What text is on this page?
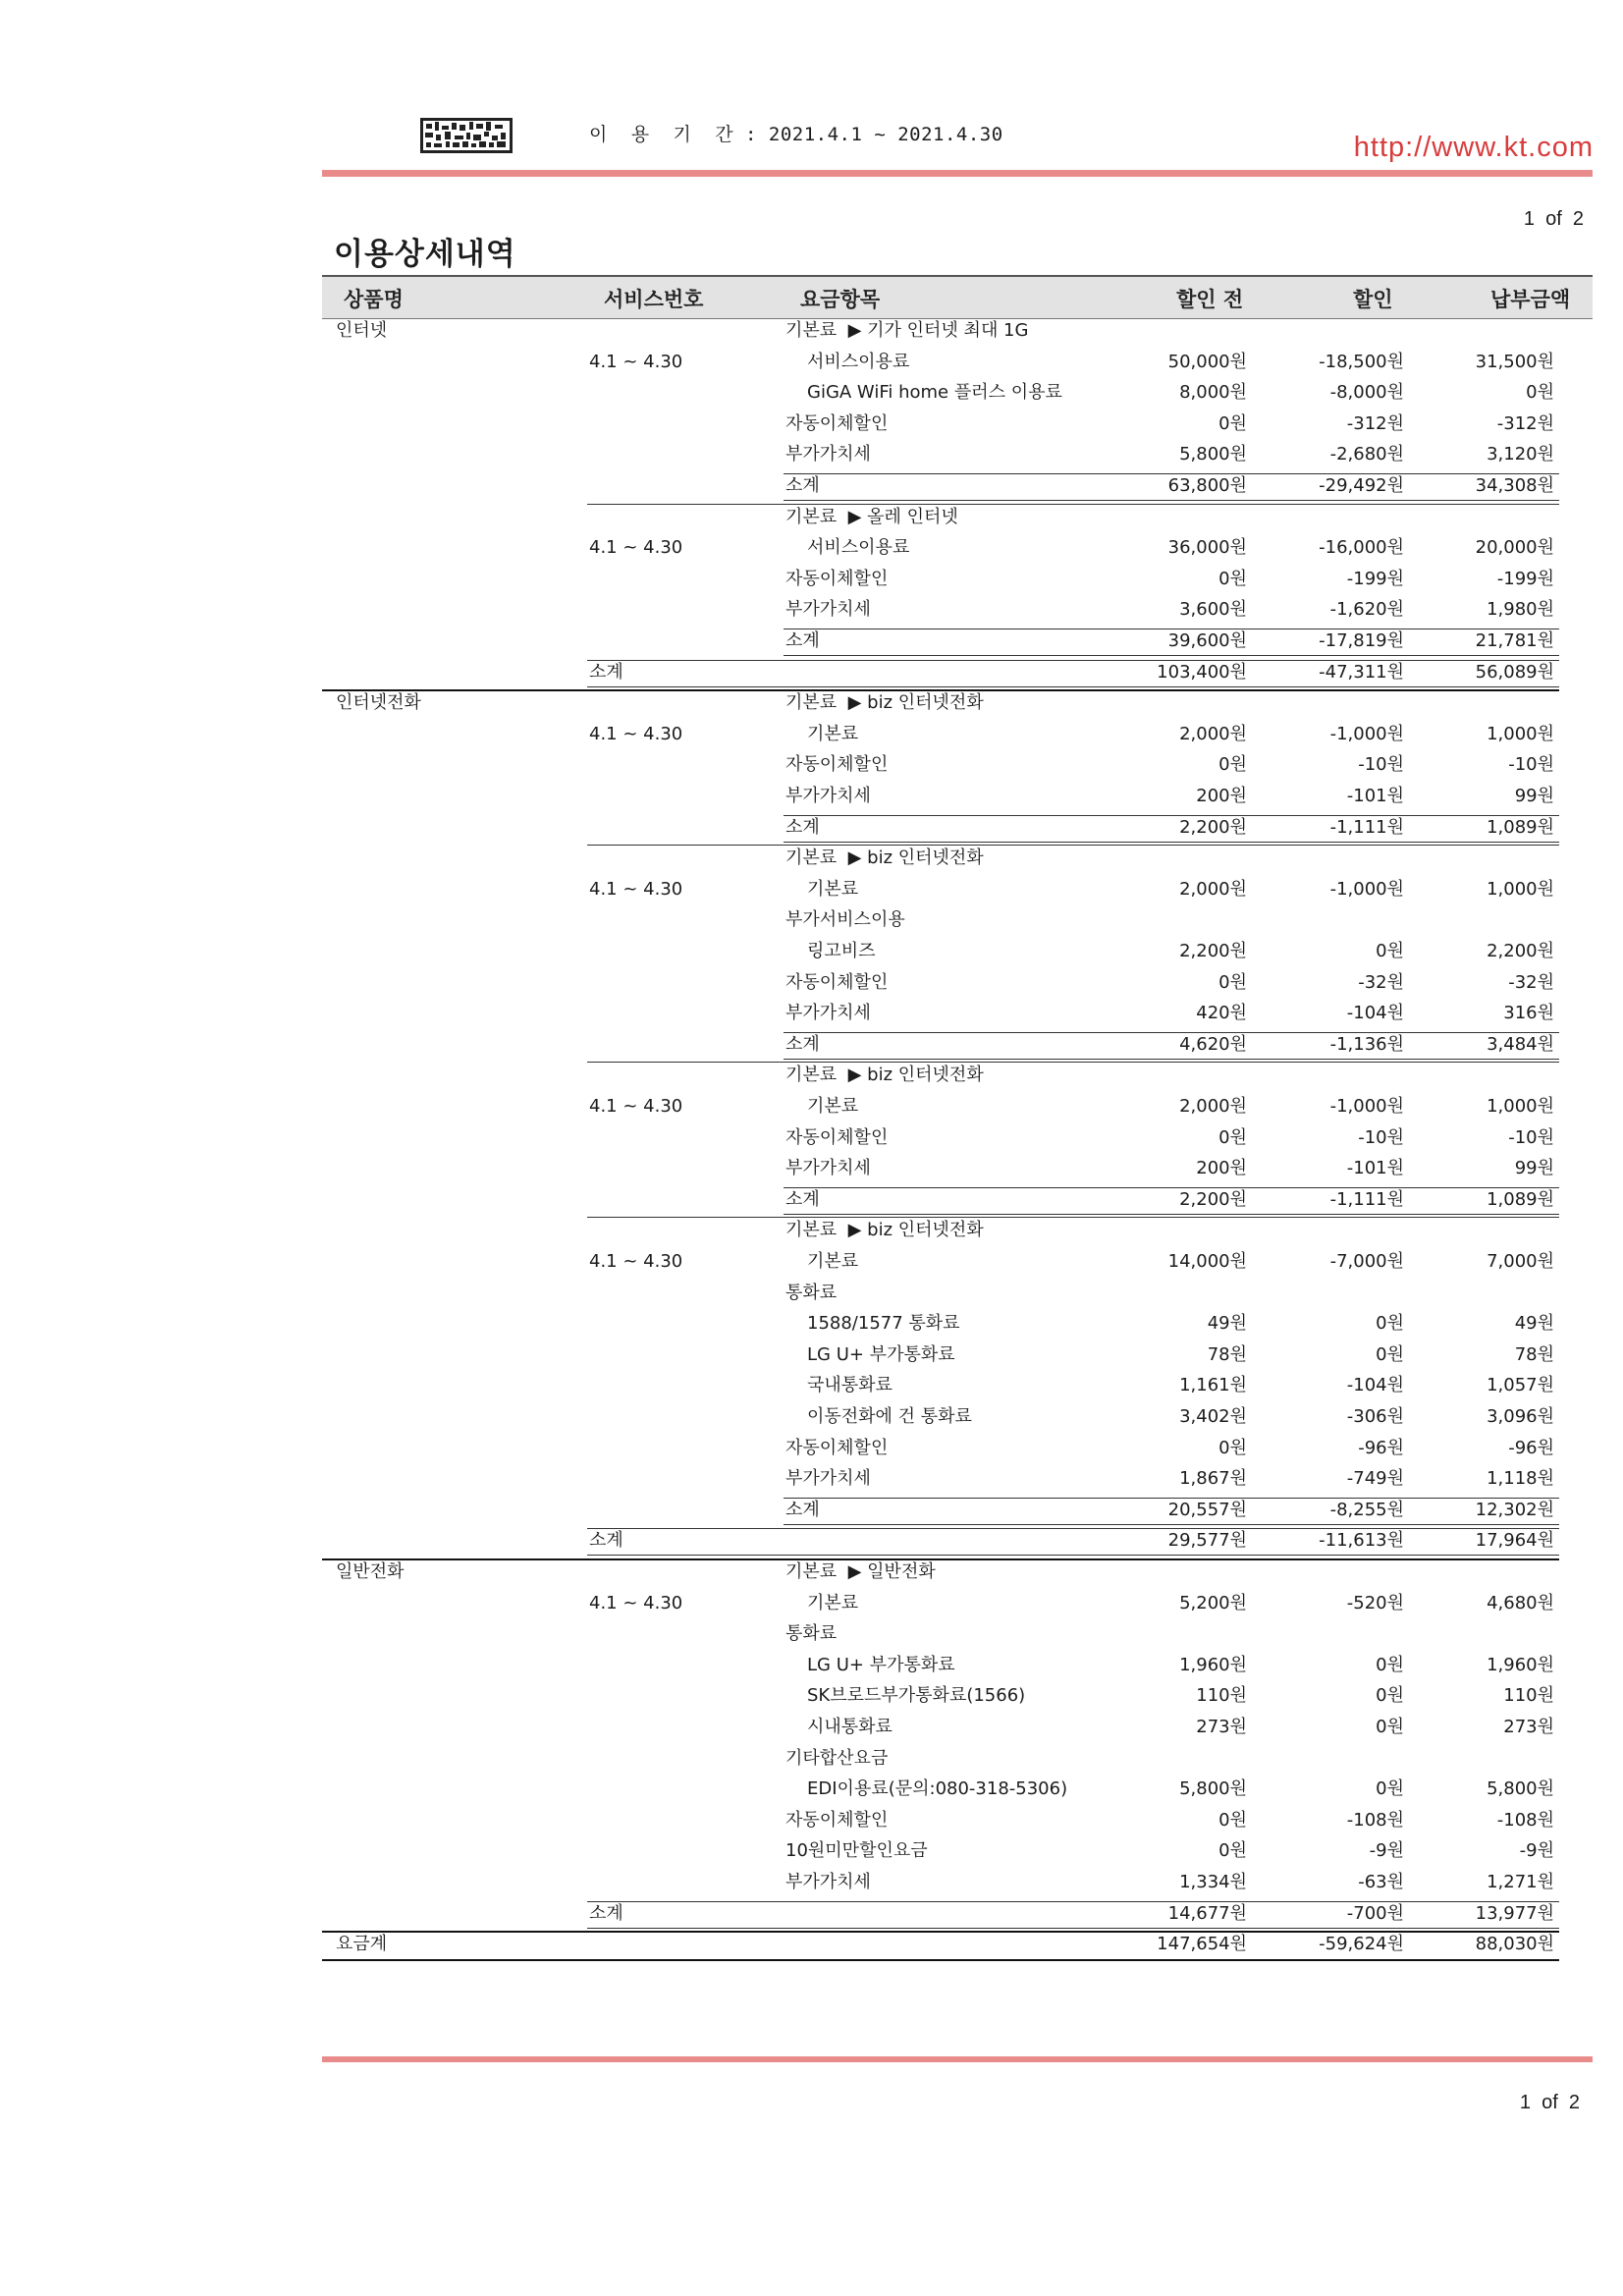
이  용  기  간 : 2021.4.1 ~ 2021.4.30	http://www.kt.com
1  of  2
이용상세내역
상품명	서비스번호	요금항목	할인 전	할인	납부금액
인터넷	기본료  ▶ 기가 인터넷 최대 1G
4.1 ~ 4.30	서비스이용료	50,000원	-18,500원	31,500원
GiGA WiFi home 플러스 이용료	8,000원	-8,000원	0원
자동이체할인	0원	-312원	-312원
부가가치세	5,800원	-2,680원	3,120원
소계	63,800원	-29,492원	34,308원
기본료  ▶ 올레 인터넷
4.1 ~ 4.30	서비스이용료	36,000원	-16,000원	20,000원
자동이체할인	0원	-199원	-199원
부가가치세	3,600원	-1,620원	1,980원
소계	39,600원	-17,819원	21,781원
소계	103,400원	-47,311원	56,089원
인터넷전화	기본료  ▶ biz 인터넷전화
4.1 ~ 4.30	기본료	2,000원	-1,000원	1,000원
자동이체할인	0원	-10원	-10원
부가가치세	200원	-101원	99원
소계	2,200원	-1,111원	1,089원
기본료  ▶ biz 인터넷전화
4.1 ~ 4.30	기본료	2,000원	-1,000원	1,000원
부가서비스이용
링고비즈	2,200원	0원	2,200원
자동이체할인	0원	-32원	-32원
부가가치세	420원	-104원	316원
소계	4,620원	-1,136원	3,484원
기본료  ▶ biz 인터넷전화
4.1 ~ 4.30	기본료	2,000원	-1,000원	1,000원
자동이체할인	0원	-10원	-10원
부가가치세	200원	-101원	99원
소계	2,200원	-1,111원	1,089원
기본료  ▶ biz 인터넷전화
4.1 ~ 4.30	기본료	14,000원	-7,000원	7,000원
통화료
1588/1577 통화료	49원	0원	49원
LG U+ 부가통화료	78원	0원	78원
국내통화료	1,161원	-104원	1,057원
이동전화에 건 통화료	3,402원	-306원	3,096원
자동이체할인	0원	-96원	-96원
부가가치세	1,867원	-749원	1,118원
소계	20,557원	-8,255원	12,302원
소계	29,577원	-11,613원	17,964원
일반전화	기본료  ▶ 일반전화
4.1 ~ 4.30	기본료	5,200원	-520원	4,680원
통화료
LG U+ 부가통화료	1,960원	0원	1,960원
SK브로드부가통화료(1566)	110원	0원	110원
시내통화료	273원	0원	273원
기타합산요금
EDI이용료(문의:080-318-5306)	5,800원	0원	5,800원
자동이체할인	0원	-108원	-108원
10원미만할인요금	0원	-9원	-9원
부가가치세	1,334원	-63원	1,271원
소계	14,677원	-700원	13,977원
요금계	147,654원	-59,624원	88,030원
1  of  2
